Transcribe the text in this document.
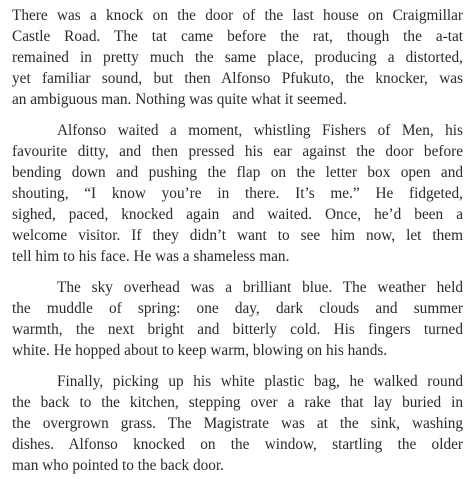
There was a knock on the door of the last house on Craigmillar
Castle Road. The tat came before the rat, though the a-tat
remained in pretty much the same place, producing a distorted,
yet familiar sound, but then Alfonso Pfukuto, the knocker, was
an ambiguous man. Nothing was quite what it seemed.

Alfonso waited a moment, whistling Fishers of Men, his
favourite ditty, and then pressed his ear against the door before
bending down and pushing the flap on the letter box open and
shouting, “I know you’re in there. It’s me.” He fidgeted,
sighed, paced, knocked again and waited. Once, he’d been a
welcome visitor. If they didn’t want to see him now, let them
tell him to his face. He was a shameless man.

The sky overhead was a brilliant blue. The weather held
the muddle of spring: one day, dark clouds and summer
warmth, the next bright and bitterly cold. His fingers turned
white. He hopped about to keep warm, blowing on his hands.

Finally, picking up his white plastic bag, he walked round
the back to the kitchen, stepping over a rake that lay buried in
the overgrown grass. The Magistrate was at the sink, washing
dishes. Alfonso knocked on the window, startling the older
man who pointed to the back door.
